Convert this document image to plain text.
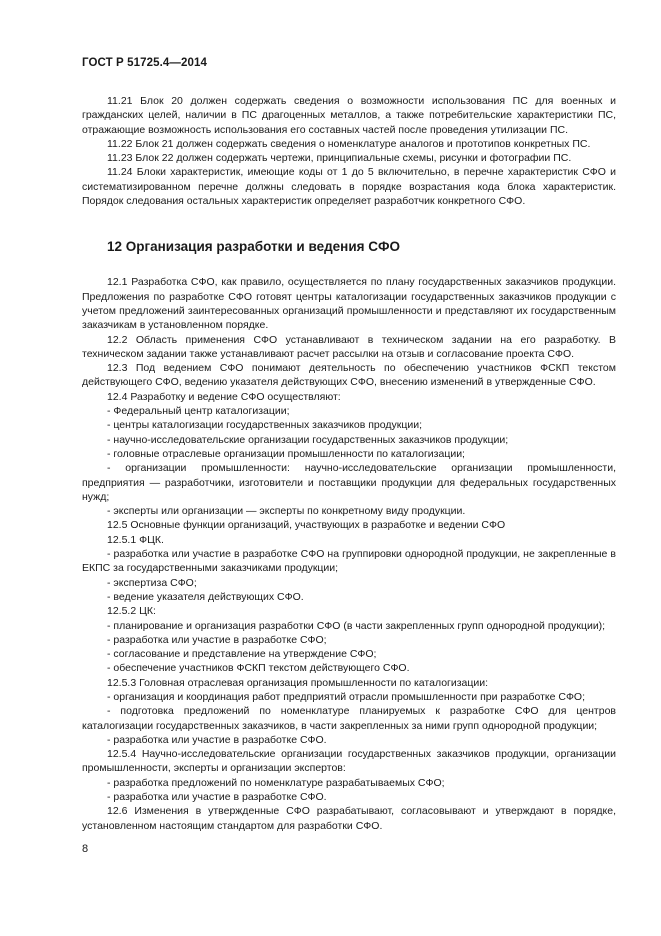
ГОСТ Р 51725.4—2014

11.21 Блок 20 должен содержать сведения о возможности использования ПС для военных и гражданских целей, наличии в ПС драгоценных металлов, а также потребительские характеристики ПС, отражающие возможность использования его составных частей после проведения утилизации ПС.

11.22 Блок 21 должен содержать сведения о номенклатуре аналогов и прототипов конкретных ПС.

11.23 Блок 22 должен содержать чертежи, принципиальные схемы, рисунки и фотографии ПС.

11.24 Блоки характеристик, имеющие коды от 1 до 5 включительно, в перечне характеристик СФО и систематизированном перечне должны следовать в порядке возрастания кода блока характеристик. Порядок следования остальных характеристик определяет разработчик конкретного СФО.

12 Организация разработки и ведения СФО

12.1 Разработка СФО, как правило, осуществляется по плану государственных заказчиков продукции. Предложения по разработке СФО готовят центры каталогизации государственных заказчиков продукции с учетом предложений заинтересованных организаций промышленности и представляют их государственным заказчикам в установленном порядке.

12.2 Область применения СФО устанавливают в техническом задании на его разработку. В техническом задании также устанавливают расчет рассылки на отзыв и согласование проекта СФО.

12.3 Под ведением СФО понимают деятельность по обеспечению участников ФСКП текстом действующего СФО, ведению указателя действующих СФО, внесению изменений в утвержденные СФО.

12.4 Разработку и ведение СФО осуществляют:

- Федеральный центр каталогизации;

- центры каталогизации государственных заказчиков продукции;

- научно-исследовательские организации государственных заказчиков продукции;

- головные отраслевые организации промышленности по каталогизации;

- организации промышленности: научно-исследовательские организации промышленности, предприятия — разработчики, изготовители и поставщики продукции для федеральных государственных нужд;

- эксперты или организации — эксперты по конкретному виду продукции.

12.5 Основные функции организаций, участвующих в разработке и ведении СФО

12.5.1 ФЦК.

- разработка или участие в разработке СФО на группировки однородной продукции, не закрепленные в ЕКПС за государственными заказчиками продукции;

- экспертиза СФО;

- ведение указателя действующих СФО.

12.5.2 ЦК:

- планирование и организация разработки СФО (в части закрепленных групп однородной продукции);

- разработка или участие в разработке СФО;

- согласование и представление на утверждение СФО;

- обеспечение участников ФСКП текстом действующего СФО.

12.5.3 Головная отраслевая организация промышленности по каталогизации:

- организация и координация работ предприятий отрасли промышленности при разработке СФО;

- подготовка предложений по номенклатуре планируемых к разработке СФО для центров каталогизации государственных заказчиков, в части закрепленных за ними групп однородной продукции;

- разработка или участие в разработке СФО.

12.5.4 Научно-исследовательские организации государственных заказчиков продукции, организации промышленности, эксперты и организации экспертов:

- разработка предложений по номенклатуре разрабатываемых СФО;

- разработка или участие в разработке СФО.

12.6 Изменения в утвержденные СФО разрабатывают, согласовывают и утверждают в порядке, установленном настоящим стандартом для разработки СФО.

8
